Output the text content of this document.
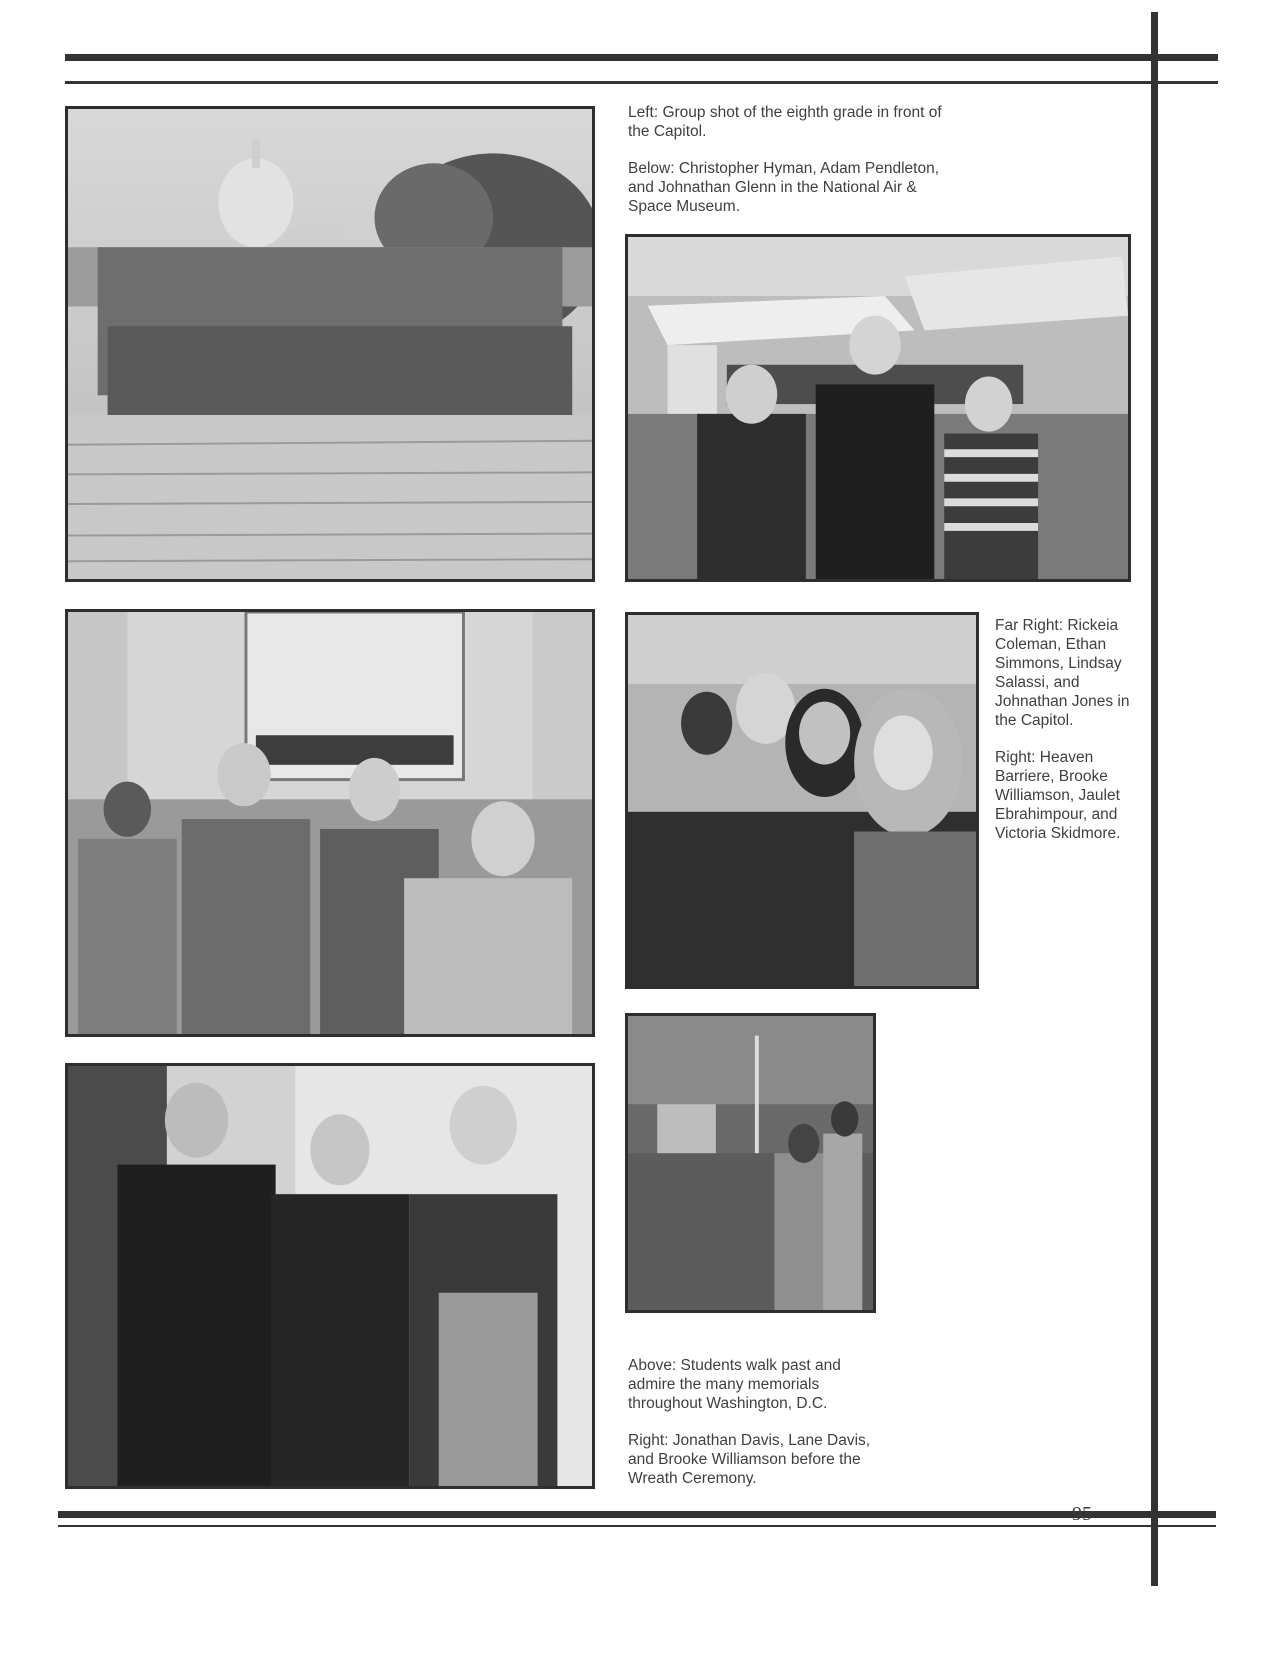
Left: Group shot of the eighth grade in front of the Capitol.

Below: Christopher Hyman, Adam Pendleton, and Johnathan Glenn in the National Air & Space Museum.

Far Right: Rickeia Coleman, Ethan Simmons, Lindsay Salassi, and Johnathan Jones in the Capitol.

Right: Heaven Barriere, Brooke Williamson, Jaulet Ebrahimpour, and Victoria Skidmore.

Above: Students walk past and admire the many memorials throughout Washington, D.C.

Right: Jonathan Davis, Lane Davis, and Brooke Williamson before the Wreath Ceremony.

95
